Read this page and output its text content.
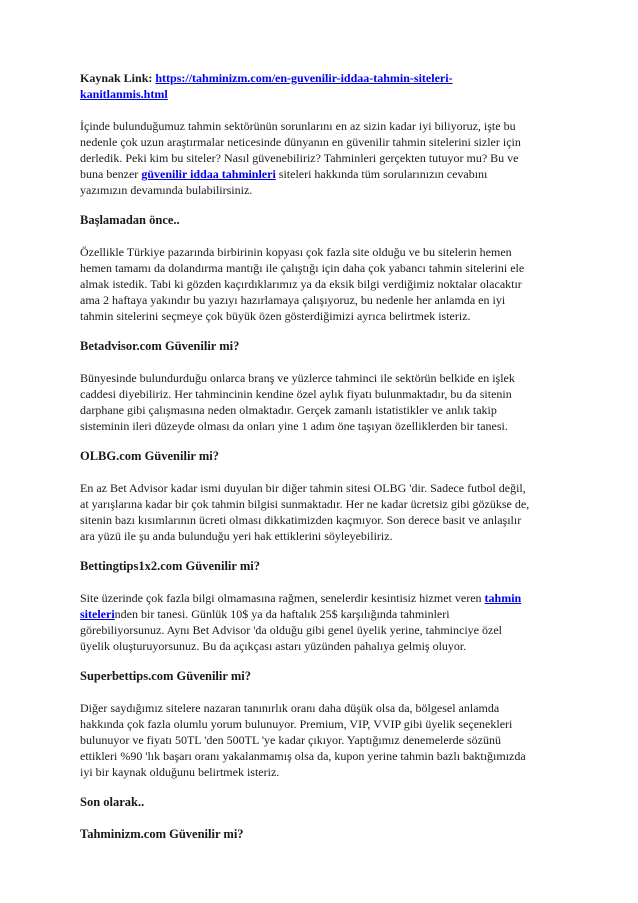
Kaynak Link: https://tahminizm.com/en-guvenilir-iddaa-tahmin-siteleri-
kanitlanmis.html
İçinde bulunduğumuz tahmin sektörünün sorunlarını en az sizin kadar iyi biliyoruz, işte bu
nedenle çok uzun araştırmalar neticesinde dünyanın en güvenilir tahmin sitelerini sizler için
derledik. Peki kim bu siteler? Nasıl güvenebiliriz? Tahminleri gerçekten tutuyor mu? Bu ve
buna benzer güvenilir iddaa tahminleri siteleri hakkında tüm sorularınızın cevabını
yazımızın devamında bulabilirsiniz.
Başlamadan önce..
Özellikle Türkiye pazarında birbirinin kopyası çok fazla site olduğu ve bu sitelerin hemen
hemen tamamı da dolandırma mantığı ile çalıştığı için daha çok yabancı tahmin sitelerini ele
almak istedik. Tabi ki gözden kaçırdıklarımız ya da eksik bilgi verdiğimiz noktalar olacaktır
ama 2 haftaya yakındır bu yazıyı hazırlamaya çalışıyoruz, bu nedenle her anlamda en iyi
tahmin sitelerini seçmeye çok büyük özen gösterdiğimizi ayrıca belirtmek isteriz.
Betadvisor.com Güvenilir mi?
Bünyesinde bulundurduğu onlarca branş ve yüzlerce tahminci ile sektörün belkide en işlek
caddesi diyebiliriz. Her tahmincinin kendine özel aylık fiyatı bulunmaktadır, bu da sitenin
darphane gibi çalışmasına neden olmaktadır. Gerçek zamanlı istatistikler ve anlık takip
sisteminin ileri düzeyde olması da onları yine 1 adım öne taşıyan özelliklerden bir tanesi.
OLBG.com Güvenilir mi?
En az Bet Advisor kadar ismi duyulan bir diğer tahmin sitesi OLBG 'dir. Sadece futbol değil,
at yarışlarına kadar bir çok tahmin bilgisi sunmaktadır. Her ne kadar ücretsiz gibi gözükse de,
sitenin bazı kısımlarının ücreti olması dikkatimizden kaçmıyor. Son derece basit ve anlaşılır
ara yüzü ile şu anda bulunduğu yeri hak ettiklerini söyleyebiliriz.
Bettingtips1x2.com Güvenilir mi?
Site üzerinde çok fazla bilgi olmamasına rağmen, senelerdir kesintisiz hizmet veren tahmin
sitelerinden bir tanesi. Günlük 10$ ya da haftalık 25$ karşılığında tahminleri
görebiliyorsunuz. Aynı Bet Advisor 'da olduğu gibi genel üyelik yerine, tahminciye özel
üyelik oluşturuyorsunuz. Bu da açıkçası astarı yüzünden pahalıya gelmiş oluyor.
Superbettips.com Güvenilir mi?
Diğer saydığımız sitelere nazaran tanınırlık oranı daha düşük olsa da, bölgesel anlamda
hakkında çok fazla olumlu yorum bulunuyor. Premium, VIP, VVIP gibi üyelik seçenekleri
bulunuyor ve fiyatı 50TL 'den 500TL 'ye kadar çıkıyor. Yaptığımız denemelerde sözünü
ettikleri %90 'lık başarı oranı yakalanmamış olsa da, kupon yerine tahmin bazlı baktığımızda
iyi bir kaynak olduğunu belirtmek isteriz.
Son olarak..
Tahminizm.com Güvenilir mi?
